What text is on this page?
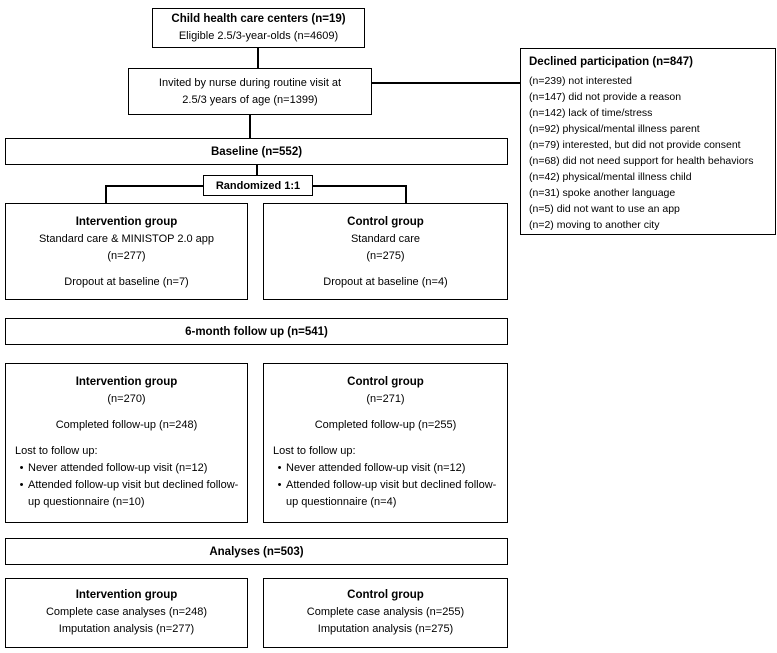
Child health care centers (n=19)
Eligible 2.5/3-year-olds (n=4609)
Invited by nurse during routine visit at
2.5/3 years of age (n=1399)
Declined participation (n=847)
(n=239) not interested
(n=147) did not provide a reason
(n=142) lack of time/stress
(n=92) physical/mental illness parent
(n=79) interested, but did not provide consent
(n=68) did not need support for health behaviors
(n=42) physical/mental illness child
(n=31) spoke another language
(n=5) did not want to use an app
(n=2) moving to another city
Baseline (n=552)
Randomized 1:1
Intervention group
Standard care & MINISTOP 2.0 app
(n=277)
Dropout at baseline (n=7)
Control group
Standard care
(n=275)
Dropout at baseline (n=4)
6-month follow up (n=541)
Intervention group
(n=270)
Completed follow-up (n=248)
Lost to follow up:
• Never attended follow-up visit (n=12)
• Attended follow-up visit but declined follow-up questionnaire (n=10)
Control group
(n=271)
Completed follow-up (n=255)
Lost to follow up:
• Never attended follow-up visit (n=12)
• Attended follow-up visit but declined follow-up questionnaire (n=4)
Analyses (n=503)
Intervention group
Complete case analyses (n=248)
Imputation analysis (n=277)
Control group
Complete case analysis (n=255)
Imputation analysis (n=275)
